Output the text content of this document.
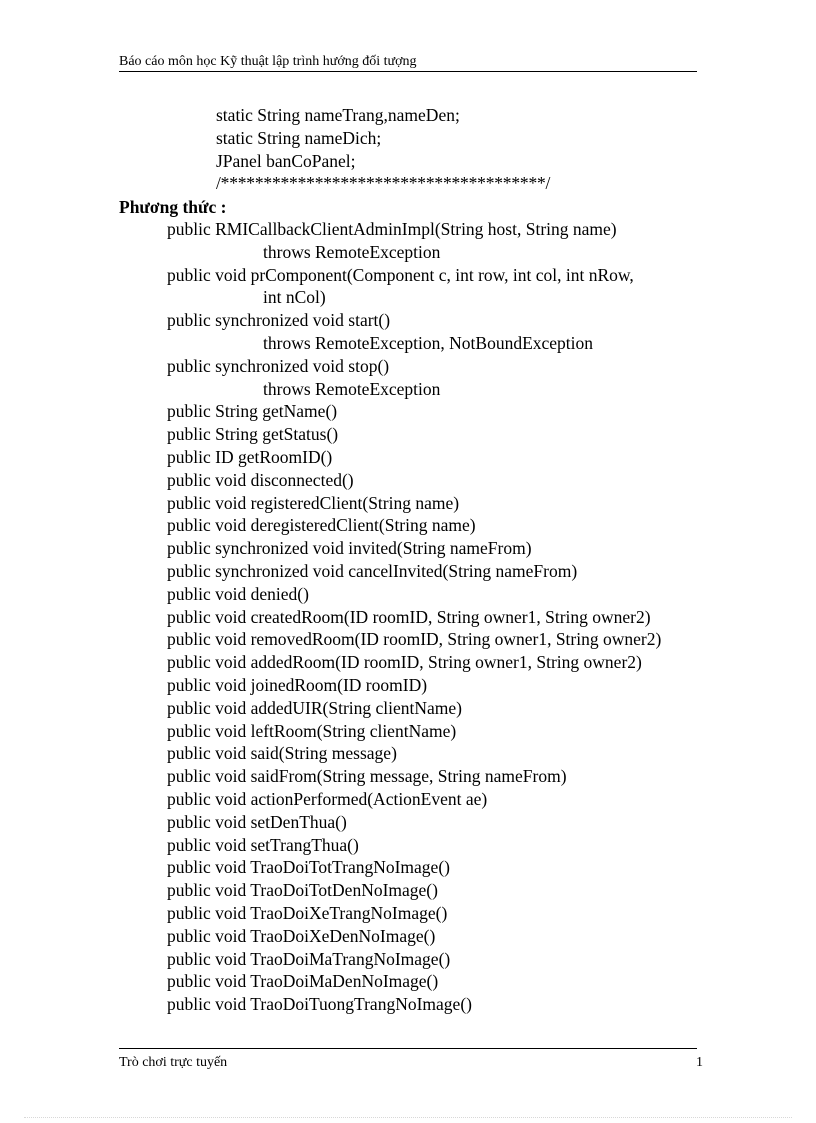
Báo cáo môn học Kỹ thuật lập trình hướng đối tượng
static String nameTrang,nameDen;
static String nameDich;
JPanel banCoPanel;
/**************************************/
Phương thức :
public RMICallbackClientAdminImpl(String host, String name)
throws RemoteException
public void prComponent(Component c, int row, int col, int nRow,
int nCol)
public synchronized void start()
throws RemoteException, NotBoundException
public synchronized void stop()
throws RemoteException
public String getName()
public String getStatus()
public ID getRoomID()
public void disconnected()
public void registeredClient(String name)
public void deregisteredClient(String name)
public synchronized void invited(String nameFrom)
public synchronized void cancelInvited(String nameFrom)
public void denied()
public void createdRoom(ID roomID, String owner1, String owner2)
public void removedRoom(ID roomID, String owner1, String owner2)
public void addedRoom(ID roomID, String owner1, String owner2)
public void joinedRoom(ID roomID)
public void addedUIR(String clientName)
public void leftRoom(String clientName)
public void said(String message)
public void saidFrom(String message, String nameFrom)
public void actionPerformed(ActionEvent ae)
public void setDenThua()
public void setTrangThua()
public void TraoDoiTotTrangNoImage()
public void TraoDoiTotDenNoImage()
public void TraoDoiXeTrangNoImage()
public void TraoDoiXeDenNoImage()
public void TraoDoiMaTrangNoImage()
public void TraoDoiMaDenNoImage()
public void TraoDoiTuongTrangNoImage()
Trò chơi trực tuyến	1
